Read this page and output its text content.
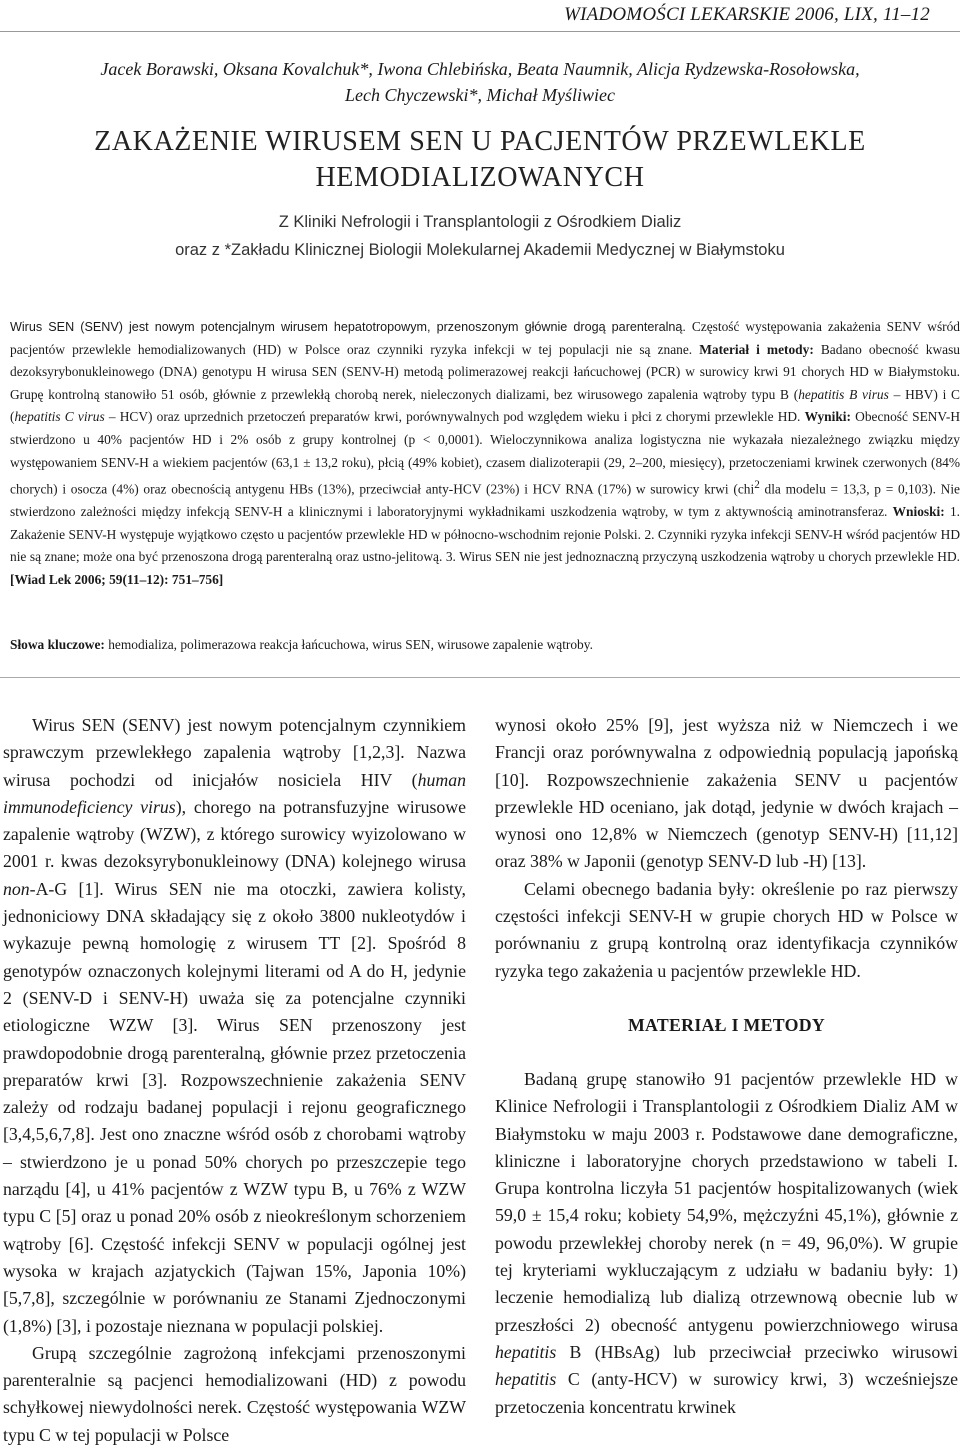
WIADOMOŚCI LEKARSKIE 2006, LIX, 11–12
Jacek Borawski, Oksana Kovalchuk*, Iwona Chlebińska, Beata Naumnik, Alicja Rydzewska-Rosołowska,
Lech Chyczewski*, Michał Myśliwiec
ZAKAŻENIE WIRUSEM SEN U PACJENTÓW PRZEWLEKLE
HEMODIALIZOWANYCH
Z Kliniki Nefrologii i Transplantologii z Ośrodkiem Dializ
oraz z *Zakładu Klinicznej Biologii Molekularnej Akademii Medycznej w Białymstoku
Wirus SEN (SENV) jest nowym potencjalnym wirusem hepatotropowym, przenoszonym głównie drogą parenteralną. Częstość występowania zakażenia SENV wśród pacjentów przewlekle hemodializowanych (HD) w Polsce oraz czynniki ryzyka infekcji w tej populacji nie są znane. Materiał i metody: Badano obecność kwasu dezoksyrybonukleinowego (DNA) genotypu H wirusa SEN (SENV-H) metodą polimerazowej reakcji łańcuchowej (PCR) w surowicy krwi 91 chorych HD w Białymstoku. Grupę kontrolną stanowiło 51 osób, głównie z przewlekłą chorobą nerek, nieleczonych dializami, bez wirusowego zapalenia wątroby typu B (hepatitis B virus – HBV) i C (hepatitis C virus – HCV) oraz uprzednich przetoczeń preparatów krwi, porównywalnych pod względem wieku i płci z chorymi przewlekle HD. Wyniki: Obecność SENV-H stwierdzono u 40% pacjentów HD i 2% osób z grupy kontrolnej (p < 0,0001). Wieloczynnikowa analiza logistyczna nie wykazała niezależnego związku między występowaniem SENV-H a wiekiem pacjentów (63,1 ± 13,2 roku), płcią (49% kobiet), czasem dializoterapii (29, 2–200, miesięcy), przetoczeniami krwinek czerwonych (84% chorych) i osocza (4%) oraz obecnością antygenu HBs (13%), przeciwciał anty-HCV (23%) i HCV RNA (17%) w surowicy krwi (chi$^2$ dla modelu = 13,3, p = 0,103). Nie stwierdzono zależności między infekcją SENV-H a klinicznymi i laboratoryjnymi wykładnikami uszkodzenia wątroby, w tym z aktywnością aminotransferaz. Wnioski: 1. Zakażenie SENV-H występuje wyjątkowo często u pacjentów przewlekle HD w północno-wschodnim rejonie Polski. 2. Czynniki ryzyka infekcji SENV-H wśród pacjentów HD nie są znane; może ona być przenoszona drogą parenteralną oraz ustno-jelitową. 3. Wirus SEN nie jest jednoznaczną przyczyną uszkodzenia wątroby u chorych przewlekle HD. [Wiad Lek 2006; 59(11–12): 751–756]
Słowa kluczowe: hemodializa, polimerazowa reakcja łańcuchowa, wirus SEN, wirusowe zapalenie wątroby.

Wirus SEN (SENV) jest nowym potencjalnym czynnikiem sprawczym przewlekłego zapalenia wątroby [1,2,3]. Nazwa wirusa pochodzi od inicjałów nosiciela HIV (human immunodeficiency virus), chorego na potransfuzyjne wirusowe zapalenie wątroby (WZW), z którego surowicy wyizolowano w 2001 r. kwas dezoksyrybonukleinowy (DNA) kolejnego wirusa non-A-G [1]. Wirus SEN nie ma otoczki, zawiera kolisty, jednoniciowy DNA składający się z około 3800 nukleotydów i wykazuje pewną homologię z wirusem TT [2]. Spośród 8 genotypów oznaczonych kolejnymi literami od A do H, jedynie 2 (SENV-D i SENV-H) uważa się za potencjalne czynniki etiologiczne WZW [3]. Wirus SEN przenoszony jest prawdopodobnie drogą parenteralną, głównie przez przetoczenia preparatów krwi [3]. Rozpowszechnienie zakażenia SENV zależy od rodzaju badanej populacji i rejonu geograficznego [3,4,5,6,7,8]. Jest ono znaczne wśród osób z chorobami wątroby – stwierdzono je u ponad 50% chorych po przeszczepie tego narządu [4], u 41% pacjentów z WZW typu B, u 76% z WZW typu C [5] oraz u ponad 20% osób z nieokreślonym schorzeniem wątroby [6]. Częstość infekcji SENV w populacji ogólnej jest wysoka w krajach azjatyckich (Tajwan 15%, Japonia 10%) [5,7,8], szczególnie w porównaniu ze Stanami Zjednoczonymi (1,8%) [3], i pozostaje nieznana w populacji polskiej.

Grupą szczególnie zagrożoną infekcjami przenoszonymi parenteralnie są pacjenci hemodializowani (HD) z powodu schyłkowej niewydolności nerek. Częstość występowania WZW typu C w tej populacji w Polsce

wynosi około 25% [9], jest wyższa niż w Niemczech i we Francji oraz porównywalna z odpowiednią populacją japońską [10]. Rozpowszechnienie zakażenia SENV u pacjentów przewlekle HD oceniano, jak dotąd, jedynie w dwóch krajach – wynosi ono 12,8% w Niemczech (genotyp SENV-H) [11,12] oraz 38% w Japonii (genotyp SENV-D lub -H) [13].

Celami obecnego badania były: określenie po raz pierwszy częstości infekcji SENV-H w grupie chorych HD w Polsce w porównaniu z grupą kontrolną oraz identyfikacja czynników ryzyka tego zakażenia u pacjentów przewlekle HD.

MATERIAŁ I METODY

Badaną grupę stanowiło 91 pacjentów przewlekle HD w Klinice Nefrologii i Transplantologii z Ośrodkiem Dializ AM w Białymstoku w maju 2003 r. Podstawowe dane demograficzne, kliniczne i laboratoryjne chorych przedstawiono w tabeli I. Grupa kontrolna liczyła 51 pacjentów hospitalizowanych (wiek 59,0 ± 15,4 roku; kobiety 54,9%, mężczyźni 45,1%), głównie z powodu przewlekłej choroby nerek (n = 49, 96,0%). W grupie tej kryteriami wykluczającym z udziału w badaniu były: 1) leczenie hemodializą lub dializą otrzewnową obecnie lub w przeszłości 2) obecność antygenu powierzchniowego wirusa hepatitis B (HBsAg) lub przeciwciał przeciwko wirusowi hepatitis C (anty-HCV) w surowicy krwi, 3) wcześniejsze przetoczenia koncentratu krwinek
